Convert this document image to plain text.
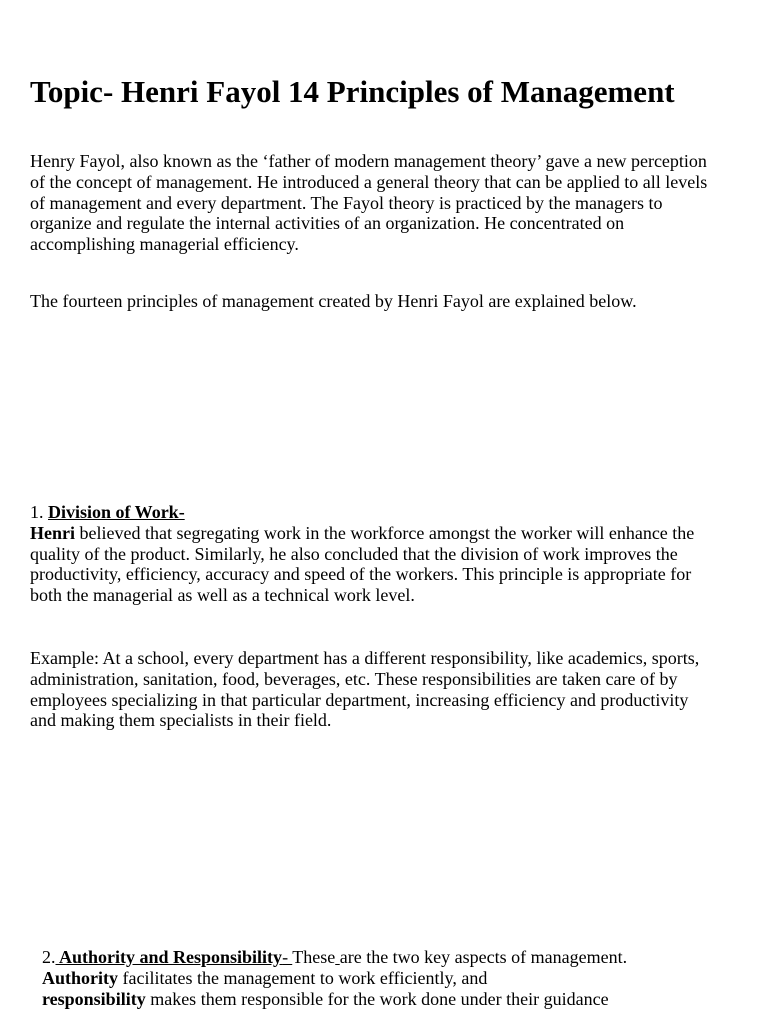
Topic- Henri Fayol 14 Principles of Management

Henry Fayol, also known as the ‘father of modern management theory’ gave a new perception of the concept of management. He introduced a general theory that can be applied to all levels of management and every department. The Fayol theory is practiced by the managers to organize and regulate the internal activities of an organization. He concentrated on accomplishing managerial efficiency.

The fourteen principles of management created by Henri Fayol are explained below.

1. Division of Work-
Henri believed that segregating work in the workforce amongst the worker will enhance the quality of the product. Similarly, he also concluded that the division of work improves the productivity, efficiency, accuracy and speed of the workers. This principle is appropriate for both the managerial as well as a technical work level.

Example: At a school, every department has a different responsibility, like academics, sports, administration, sanitation, food, beverages, etc. These responsibilities are taken care of by employees specializing in that particular department, increasing efficiency and productivity and making them specialists in their field.

2. Authority and Responsibility- These are the two key aspects of management.
Authority facilitates the management to work efficiently, and
responsibility makes them responsible for the work done under their guidance
